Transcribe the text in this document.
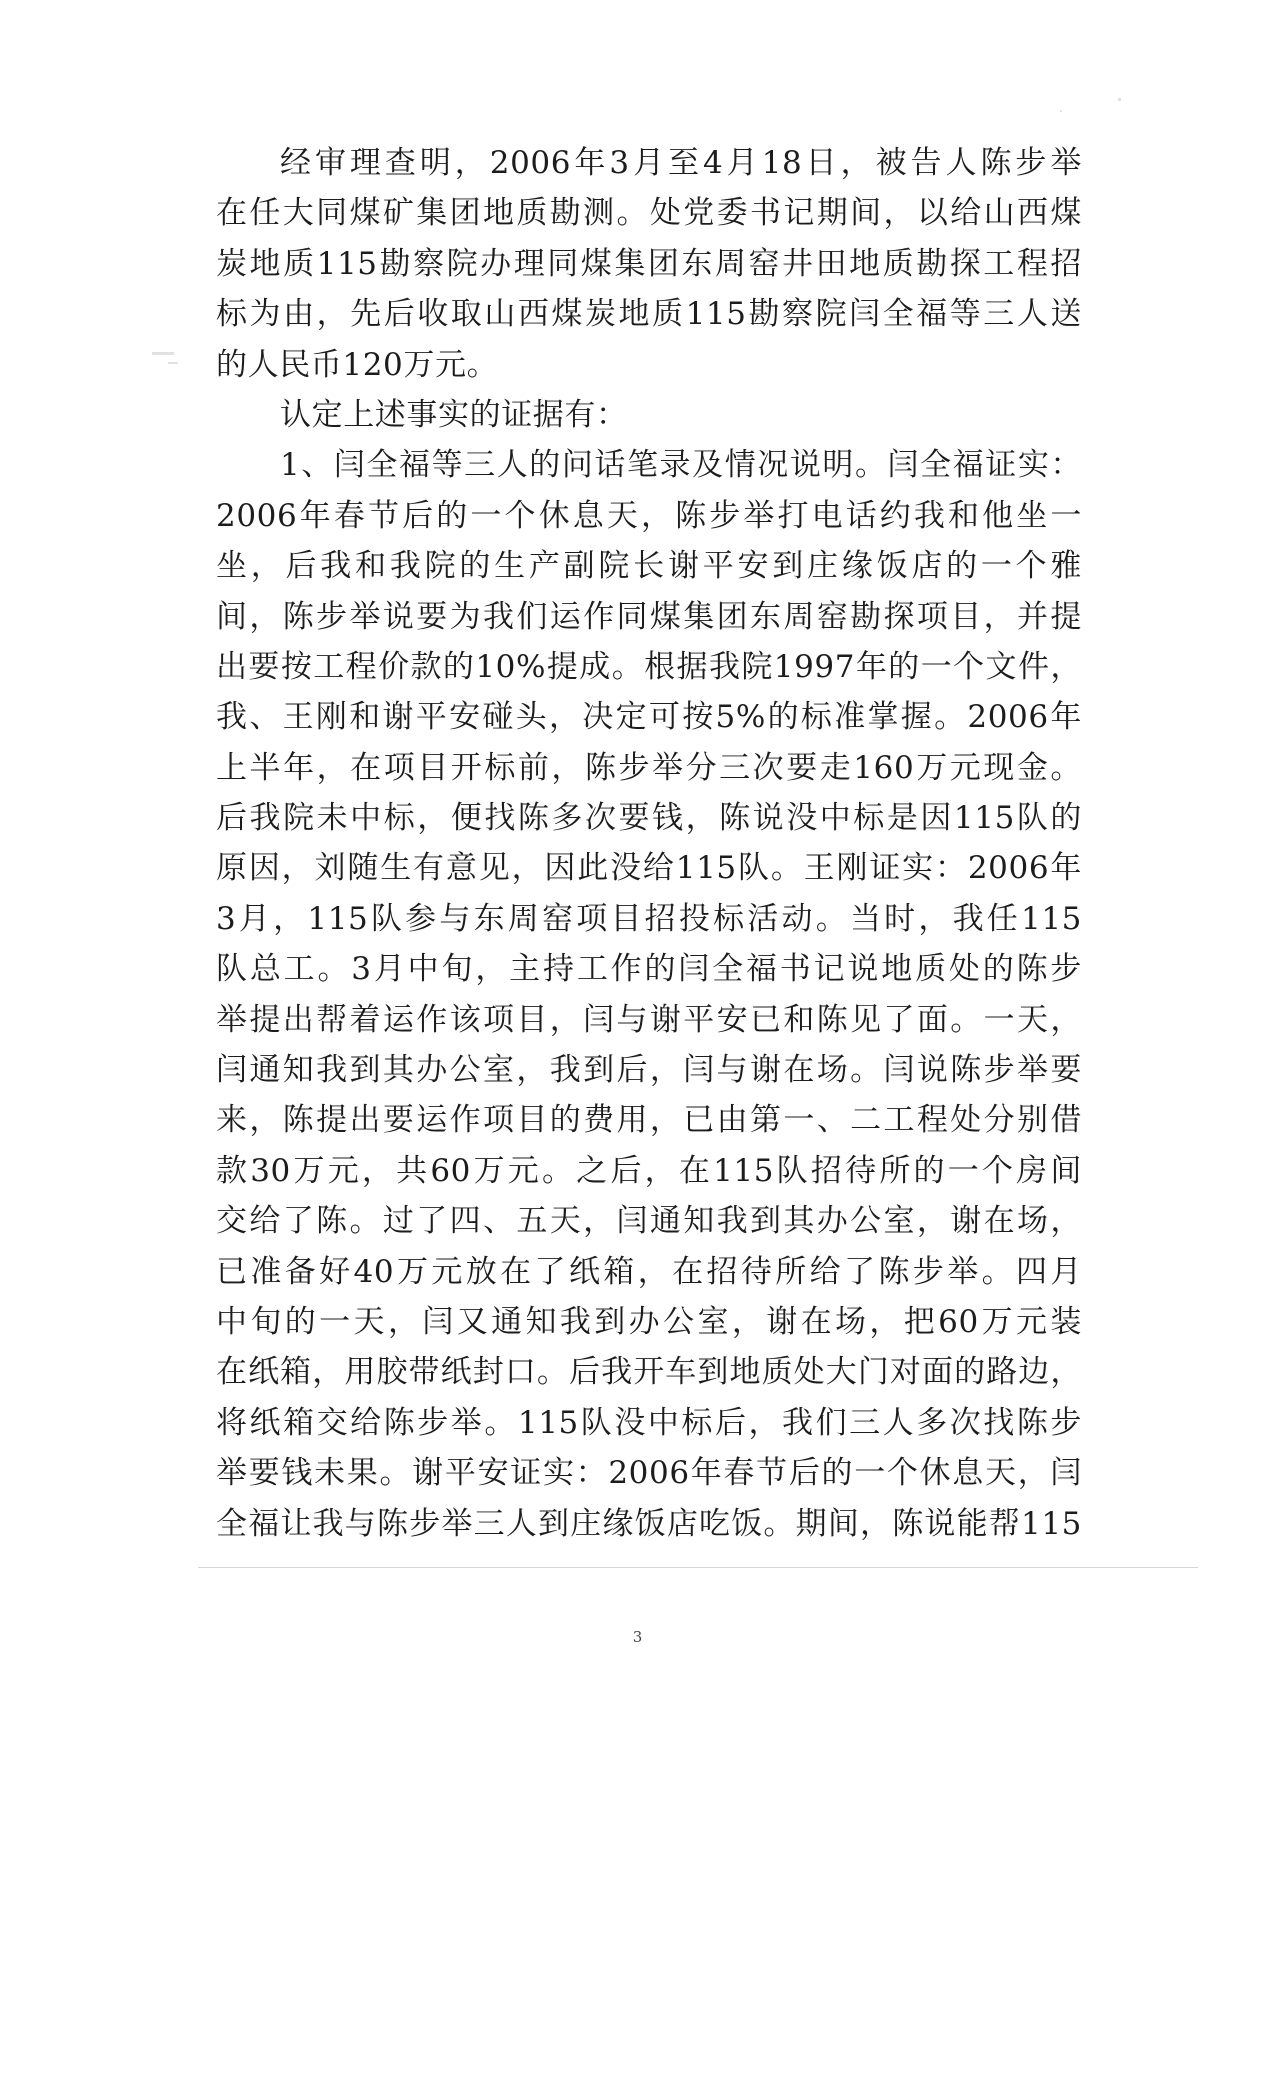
经审理查明，2006年3月至4月18日，被告人陈步举
在任大同煤矿集团地质勘测。处党委书记期间，以给山西煤
炭地质115勘察院办理同煤集团东周窑井田地质勘探工程招
标为由，先后收取山西煤炭地质115勘察院闫全福等三人送
的人民币120万元。
认定上述事实的证据有：
1、闫全福等三人的问话笔录及情况说明。闫全福证实：
2006年春节后的一个休息天，陈步举打电话约我和他坐一
坐，后我和我院的生产副院长谢平安到庄缘饭店的一个雅
间，陈步举说要为我们运作同煤集团东周窑勘探项目，并提
出要按工程价款的10%提成。根据我院1997年的一个文件，
我、王刚和谢平安碰头，决定可按5%的标准掌握。2006年
上半年，在项目开标前，陈步举分三次要走160万元现金。
后我院未中标，便找陈多次要钱，陈说没中标是因115队的
原因，刘随生有意见，因此没给115队。王刚证实：2006年
3月，115队参与东周窑项目招投标活动。当时，我任115
队总工。3月中旬，主持工作的闫全福书记说地质处的陈步
举提出帮着运作该项目，闫与谢平安已和陈见了面。一天，
闫通知我到其办公室，我到后，闫与谢在场。闫说陈步举要
来，陈提出要运作项目的费用，已由第一、二工程处分别借
款30万元，共60万元。之后，在115队招待所的一个房间
交给了陈。过了四、五天，闫通知我到其办公室，谢在场，
已准备好40万元放在了纸箱，在招待所给了陈步举。四月
中旬的一天，闫又通知我到办公室，谢在场，把60万元装
在纸箱，用胶带纸封口。后我开车到地质处大门对面的路边，
将纸箱交给陈步举。115队没中标后，我们三人多次找陈步
举要钱未果。谢平安证实：2006年春节后的一个休息天，闫
全福让我与陈步举三人到庄缘饭店吃饭。期间，陈说能帮115
3
